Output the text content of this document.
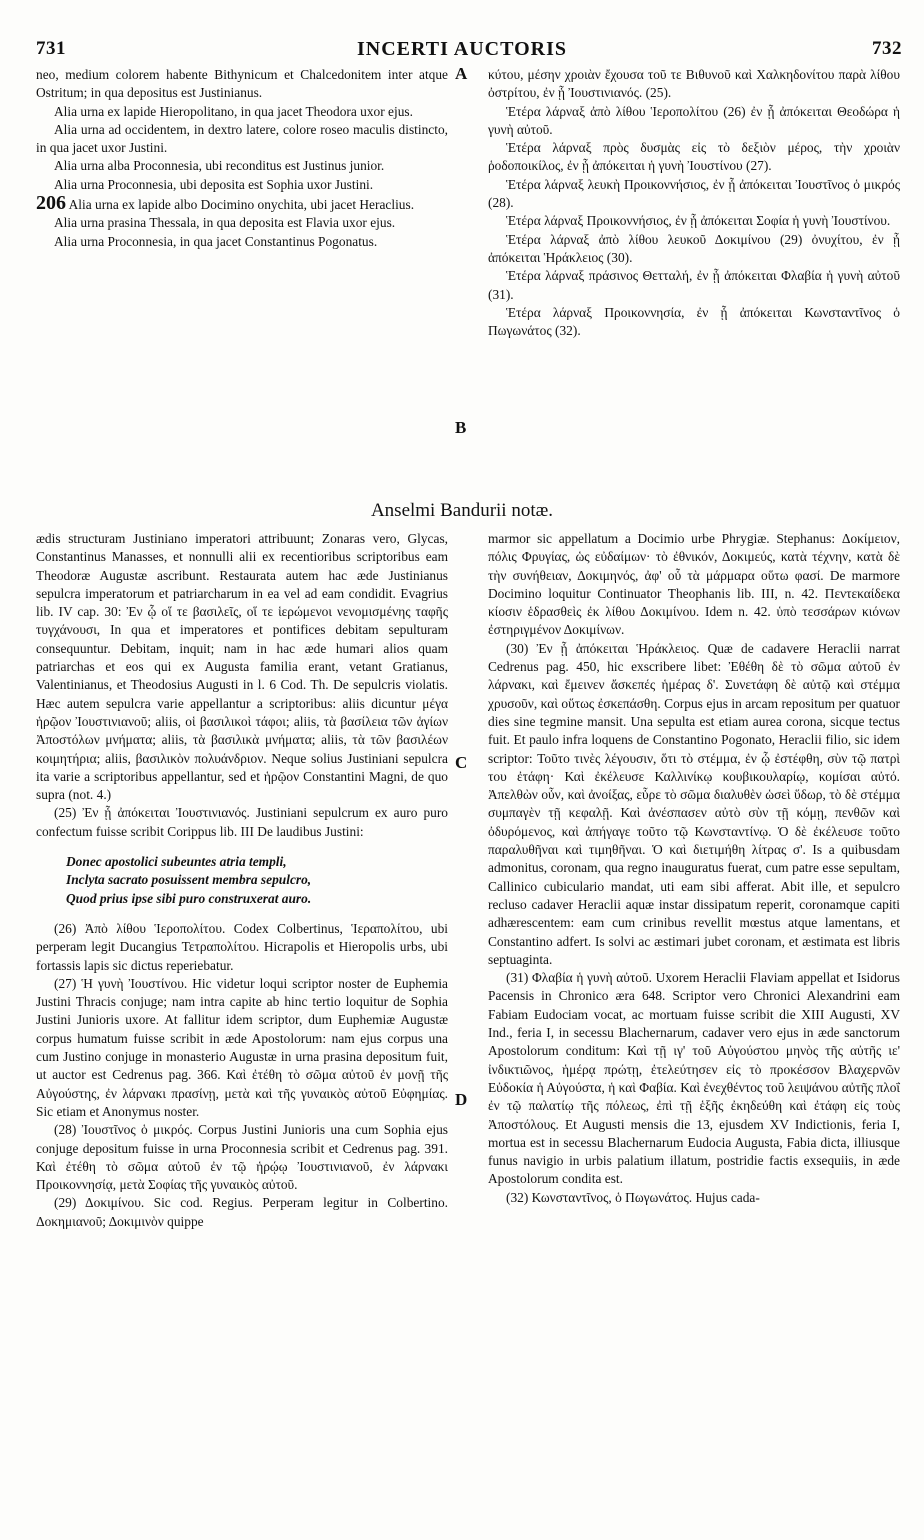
731	INCERTI AUCTORIS	732
A
B
C
D

neo, medium colorem habente Bithynicum et Chalcedonitem inter atque Ostritum; in qua depositus est Justinianus.

Alia urna ex lapide Hieropolitano, in qua jacet Theodora uxor ejus.

Alia urna ad occidentem, in dextro latere, colore roseo maculis distincto, in qua jacet uxor Justini.

Alia urna alba Proconnesia, ubi reconditus est Justinus junior.

Alia urna Proconnesia, ubi deposita est Sophia uxor Justini.

206 Alia urna ex lapide albo Docimino onychita, ubi jacet Heraclius.

Alia urna prasina Thessala, in qua deposita est Flavia uxor ejus.

Alia urna Proconnesia, in qua jacet Constantinus Pogonatus.

κύτου, μέσην χροιὰν ἔχουσα τοῦ τε Βιθυνοῦ καὶ Χαλκηδονίτου παρὰ λίθου ὀστρίτου, ἐν ᾗ Ἰουστινιανός. (25).

Ἑτέρα λάρναξ ἀπὸ λίθου Ἱεροπολίτου (26) ἐν ᾗ ἀπόκειται Θεοδώρα ἡ γυνὴ αὐτοῦ.

Ἑτέρα λάρναξ πρὸς δυσμὰς εἰς τὸ δεξιὸν μέρος, τὴν χροιὰν ῥοδοποικίλος, ἐν ᾗ ἀπόκειται ἡ γυνὴ Ἰουστίνου (27).

Ἑτέρα λάρναξ λευκὴ Προικοννήσιος, ἐν ᾗ ἀπόκειται Ἰουστῖνος ὁ μικρός (28).

Ἑτέρα λάρναξ Προικοννήσιος, ἐν ᾗ ἀπόκειται Σοφία ἡ γυνὴ Ἰουστίνου.

Ἑτέρα λάρναξ ἀπὸ λίθου λευκοῦ Δοκιμίνου (29) ὀνυχίτου, ἐν ᾗ ἀπόκειται Ἡράκλειος (30).

Ἑτέρα λάρναξ πράσινος Θετταλή, ἐν ᾗ ἀπόκειται Φλαβία ἡ γυνὴ αὐτοῦ (31).

Ἑτέρα λάρναξ Προικοννησία, ἐν ᾗ ἀπόκειται Κωνσταντῖνος ὁ Πωγωνάτος (32).

Anselmi Bandurii notæ.

ædis structuram Justiniano imperatori attribuunt; Zonaras vero, Glycas, Constantinus Manasses, et nonnulli alii ex recentioribus scriptoribus eam Theodoræ Augustæ ascribunt. Restaurata autem hac æde Justinianus sepulcra imperatorum et patriarcharum in ea vel ad eam condidit. Evagrius lib. IV cap. 30: Ἐν ᾧ οἵ τε βασιλεῖς, οἵ τε ἱερώμενοι νενομισμένης ταφῆς τυγχάνουσι, In qua et imperatores et pontifices debitam sepulturam consequuntur. Debitam, inquit; nam in hac æde humari alios quam patriarchas et eos qui ex Augusta familia erant, vetant Gratianus, Valentinianus, et Theodosius Augusti in l. 6 Cod. Th. De sepulcris violatis. Hæc autem sepulcra varie appellantur a scriptoribus: aliis dicuntur μέγα ἡρῷον Ἰουστινιανοῦ; aliis, οἱ βασιλικοὶ τάφοι; aliis, τὰ βασίλεια τῶν ἁγίων Ἀποστόλων μνήματα; aliis, τὰ βασιλικὰ μνήματα; aliis, τὰ τῶν βασιλέων κοιμητήρια; aliis, βασιλικὸν πολυάνδριον. Neque solius Justiniani sepulcra ita varie a scriptoribus appellantur, sed et ἡρῷον Constantini Magni, de quo supra (not. 4.)

(25) Ἐν ᾗ ἀπόκειται Ἰουστινιανός. Justiniani sepulcrum ex auro puro confectum fuisse scribit Corippus lib. III De laudibus Justini:

Donec apostolici subeuntes atria templi,

Inclyta sacrato posuissent membra sepulcro,

Quod prius ipse sibi puro construxerat auro.

(26) Ἀπὸ λίθου Ἱεροπολίτου. Codex Colbertinus, Ἱεραπολίτου, ubi perperam legit Ducangius Τετραπολίτου. Hicrapolis et Hieropolis urbs, ubi fortassis lapis sic dictus reperiebatur.

(27) Ἡ γυνὴ Ἰουστίνου. Hic videtur loqui scriptor noster de Euphemia Justini Thracis conjuge; nam intra capite ab hinc tertio loquitur de Sophia Justini Junioris uxore. At fallitur idem scriptor, dum Euphemiæ Augustæ corpus humatum fuisse scribit in æde Apostolorum: nam ejus corpus una cum Justino conjuge in monasterio Augustæ in urna prasina depositum fuit, ut auctor est Cedrenus pag. 366. Καὶ ἐτέθη τὸ σῶμα αὐτοῦ ἐν μονῇ τῆς Αὐγούστης, ἐν λάρνακι πρασίνῃ, μετὰ καὶ τῆς γυναικὸς αὐτοῦ Εὐφημίας. Sic etiam et Anonymus noster.

(28) Ἰουστῖνος ὁ μικρός. Corpus Justini Junioris una cum Sophia ejus conjuge depositum fuisse in urna Proconnesia scribit et Cedrenus pag. 391. Καὶ ἐτέθη τὸ σῶμα αὐτοῦ ἐν τῷ ἡρῴῳ Ἰουστινιανοῦ, ἐν λάρνακι Προικοννησίᾳ, μετὰ Σοφίας τῆς γυναικὸς αὐτοῦ.

(29) Δοκιμίνου. Sic cod. Regius. Perperam legitur in Colbertino. Δοκημιανοῦ; Δοκιμινὸν quippe

marmor sic appellatum a Docimio urbe Phrygiæ. Stephanus: Δοκίμειον, πόλις Φρυγίας, ὡς εὐδαίμων· τὸ ἐθνικόν, Δοκιμεύς, κατὰ τέχνην, κατὰ δὲ τὴν συνήθειαν, Δοκιμηνός, ἀφ' οὗ τὰ μάρμαρα οὕτω φασί. De marmore Docimino loquitur Continuator Theophanis lib. III, n. 42. Πεντεκαίδεκα κίοσιν ἑδρασθεὶς ἐκ λίθου Δοκιμίνου. Idem n. 42. ὑπὸ τεσσάρων κιόνων ἐστηριγμένον Δοκιμίνων.

(30) Ἐν ᾗ ἀπόκειται Ἡράκλειος. Quæ de cadavere Heraclii narrat Cedrenus pag. 450, hic exscribere libet: Ἐθέθη δὲ τὸ σῶμα αὐτοῦ ἐν λάρνακι, καὶ ἔμεινεν ἄσκεπές ἡμέρας δ'. Συνετάφη δὲ αὐτῷ καὶ στέμμα χρυσοῦν, καὶ οὕτως ἐσκεπάσθη. Corpus ejus in arcam repositum per quatuor dies sine tegmine mansit. Una sepulta est etiam aurea corona, sicque tectus fuit. Et paulo infra loquens de Constantino Pogonato, Heraclii filio, sic idem scriptor: Τοῦτο τινὲς λέγουσιν, ὅτι τὸ στέμμα, ἐν ᾧ ἐστέφθη, σὺν τῷ πατρὶ του ἐτάφη· Καὶ ἐκέλευσε Καλλινίκῳ κουβικουλαρίῳ, κομίσαι αὐτό. Ἀπελθὼν οὖν, καὶ ἀνοίξας, εὗρε τὸ σῶμα διαλυθὲν ὡσεὶ ὕδωρ, τὸ δὲ στέμμα συμπαγὲν τῇ κεφαλῇ. Καὶ ἀνέσπασεν αὐτὸ σὺν τῇ κόμῃ, πενθῶν καὶ ὀδυρόμενος, καὶ ἀπήγαγε τοῦτο τῷ Κωνσταντίνῳ. Ὁ δὲ ἐκέλευσε τοῦτο παραλυθῆναι καὶ τιμηθῆναι. Ὁ καὶ διετιμήθη λίτρας σ'. Is a quibusdam admonitus, coronam, qua regno inauguratus fuerat, cum patre esse sepultam, Callinico cubiculario mandat, uti eam sibi afferat. Abit ille, et sepulcro recluso cadaver Heraclii aquæ instar dissipatum reperit, coronamque capiti adhærescentem: eam cum crinibus revellit mœstus atque lamentans, et Constantino adfert. Is solvi ac æstimari jubet coronam, et æstimata est libris septuaginta.

(31) Φλαβία ἡ γυνὴ αὐτοῦ. Uxorem Heraclii Flaviam appellat et Isidorus Pacensis in Chronico æra 648. Scriptor vero Chronici Alexandrini eam Fabiam Eudociam vocat, ac mortuam fuisse scribit die XIII Augusti, XV Ind., feria I, in secessu Blachernarum, cadaver vero ejus in æde sanctorum Apostolorum conditum: Καὶ τῇ ιγ' τοῦ Αὐγούστου μηνὸς τῆς αὐτῆς ιε' ἰνδικτιῶνος, ἡμέρᾳ πρώτῃ, ἐτελεύτησεν εἰς τὸ προκέσσον Βλαχερνῶν Εὐδοκία ἡ Αὐγούστα, ἡ καὶ Φαβία. Καὶ ἐνεχθέντος τοῦ λειψάνου αὐτῆς πλοΐ ἐν τῷ παλατίῳ τῆς πόλεως, ἐπὶ τῇ ἑξῆς ἐκηδεύθη καὶ ἐτάφη εἰς τοὺς Ἀποστόλους. Et Augusti mensis die 13, ejusdem XV Indictionis, feria I, mortua est in secessu Blachernarum Eudocia Augusta, Fabia dicta, illiusque funus navigio in urbis palatium illatum, postridie factis exsequiis, in æde Apostolorum condita est.

(32) Κωνσταντῖνος, ὁ Πωγωνάτος. Hujus cada-
